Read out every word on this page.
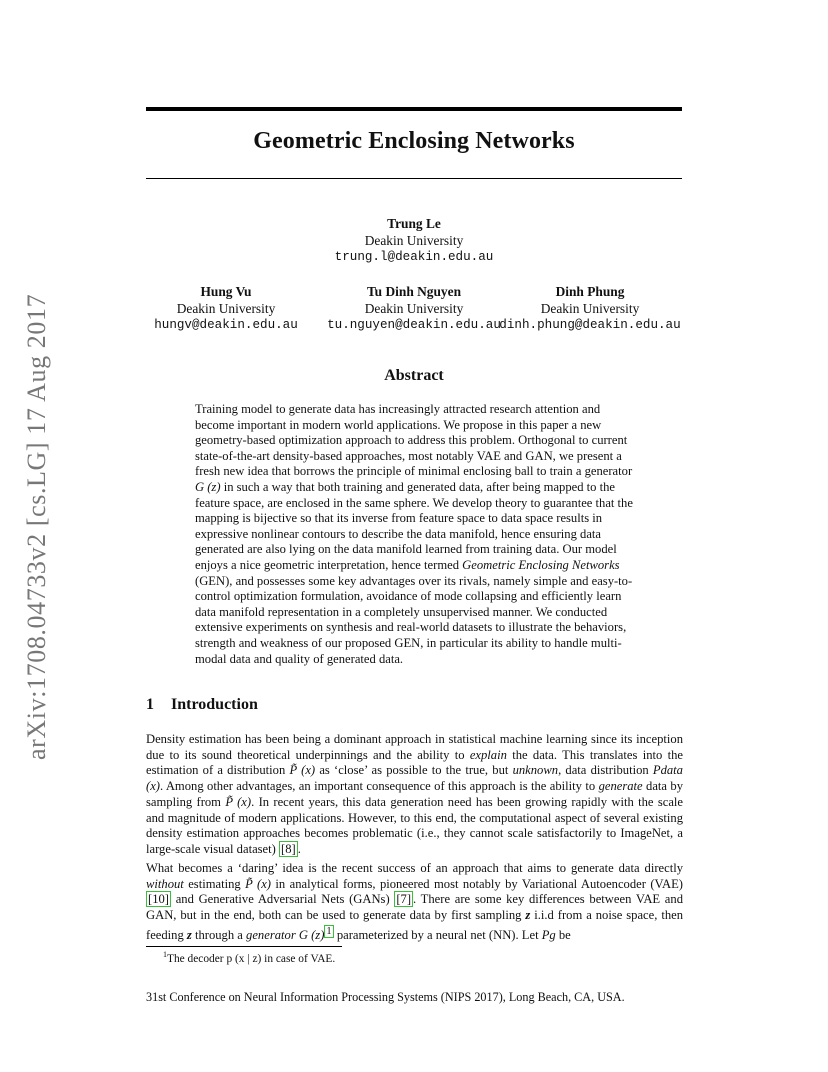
arXiv:1708.04733v2 [cs.LG] 17 Aug 2017
Geometric Enclosing Networks
Trung Le
Deakin University
trung.l@deakin.edu.au
Hung Vu
Deakin University
hungv@deakin.edu.au
Tu Dinh Nguyen
Deakin University
tu.nguyen@deakin.edu.au
Dinh Phung
Deakin University
dinh.phung@deakin.edu.au
Abstract

Training model to generate data has increasingly attracted research attention and become important in modern world applications. We propose in this paper a new geometry-based optimization approach to address this problem. Orthogonal to current state-of-the-art density-based approaches, most notably VAE and GAN, we present a fresh new idea that borrows the principle of minimal enclosing ball to train a generator G (z) in such a way that both training and generated data, after being mapped to the feature space, are enclosed in the same sphere. We develop theory to guarantee that the mapping is bijective so that its inverse from feature space to data space results in expressive nonlinear contours to describe the data manifold, hence ensuring data generated are also lying on the data manifold learned from training data. Our model enjoys a nice geometric interpretation, hence termed Geometric Enclosing Networks (GEN), and possesses some key advantages over its rivals, namely simple and easy-to-control optimization formulation, avoidance of mode collapsing and efficiently learn data manifold representation in a completely unsupervised manner. We conducted extensive experiments on synthesis and real-world datasets to illustrate the behaviors, strength and weakness of our proposed GEN, in particular its ability to handle multi-modal data and quality of generated data.

1 Introduction

Density estimation has been being a dominant approach in statistical machine learning since its inception due to its sound theoretical underpinnings and the ability to explain the data. This translates into the estimation of a distribution P̃ (x) as ‘close’ as possible to the true, but unknown, data distribution Pdata (x). Among other advantages, an important consequence of this approach is the ability to generate data by sampling from P̃ (x). In recent years, this data generation need has been growing rapidly with the scale and magnitude of modern applications. However, to this end, the computational aspect of several existing density estimation approaches becomes problematic (i.e., they cannot scale satisfactorily to ImageNet, a large-scale visual dataset) [8] .

What becomes a ‘daring’ idea is the recent success of an approach that aims to generate data directly without estimating P̃ (x) in analytical forms, pioneered most notably by Variational Autoencoder (VAE) [10] and Generative Adversarial Nets (GANs) [7] . There are some key differences between VAE and GAN, but in the end, both can be used to generate data by first sampling z i.i.d from a noise space, then feeding z through a generator G (z) $^1$ parameterized by a neural net (NN). Let Pg be

$^1$The decoder p (x | z) in case of VAE.
31st Conference on Neural Information Processing Systems (NIPS 2017), Long Beach, CA, USA.
